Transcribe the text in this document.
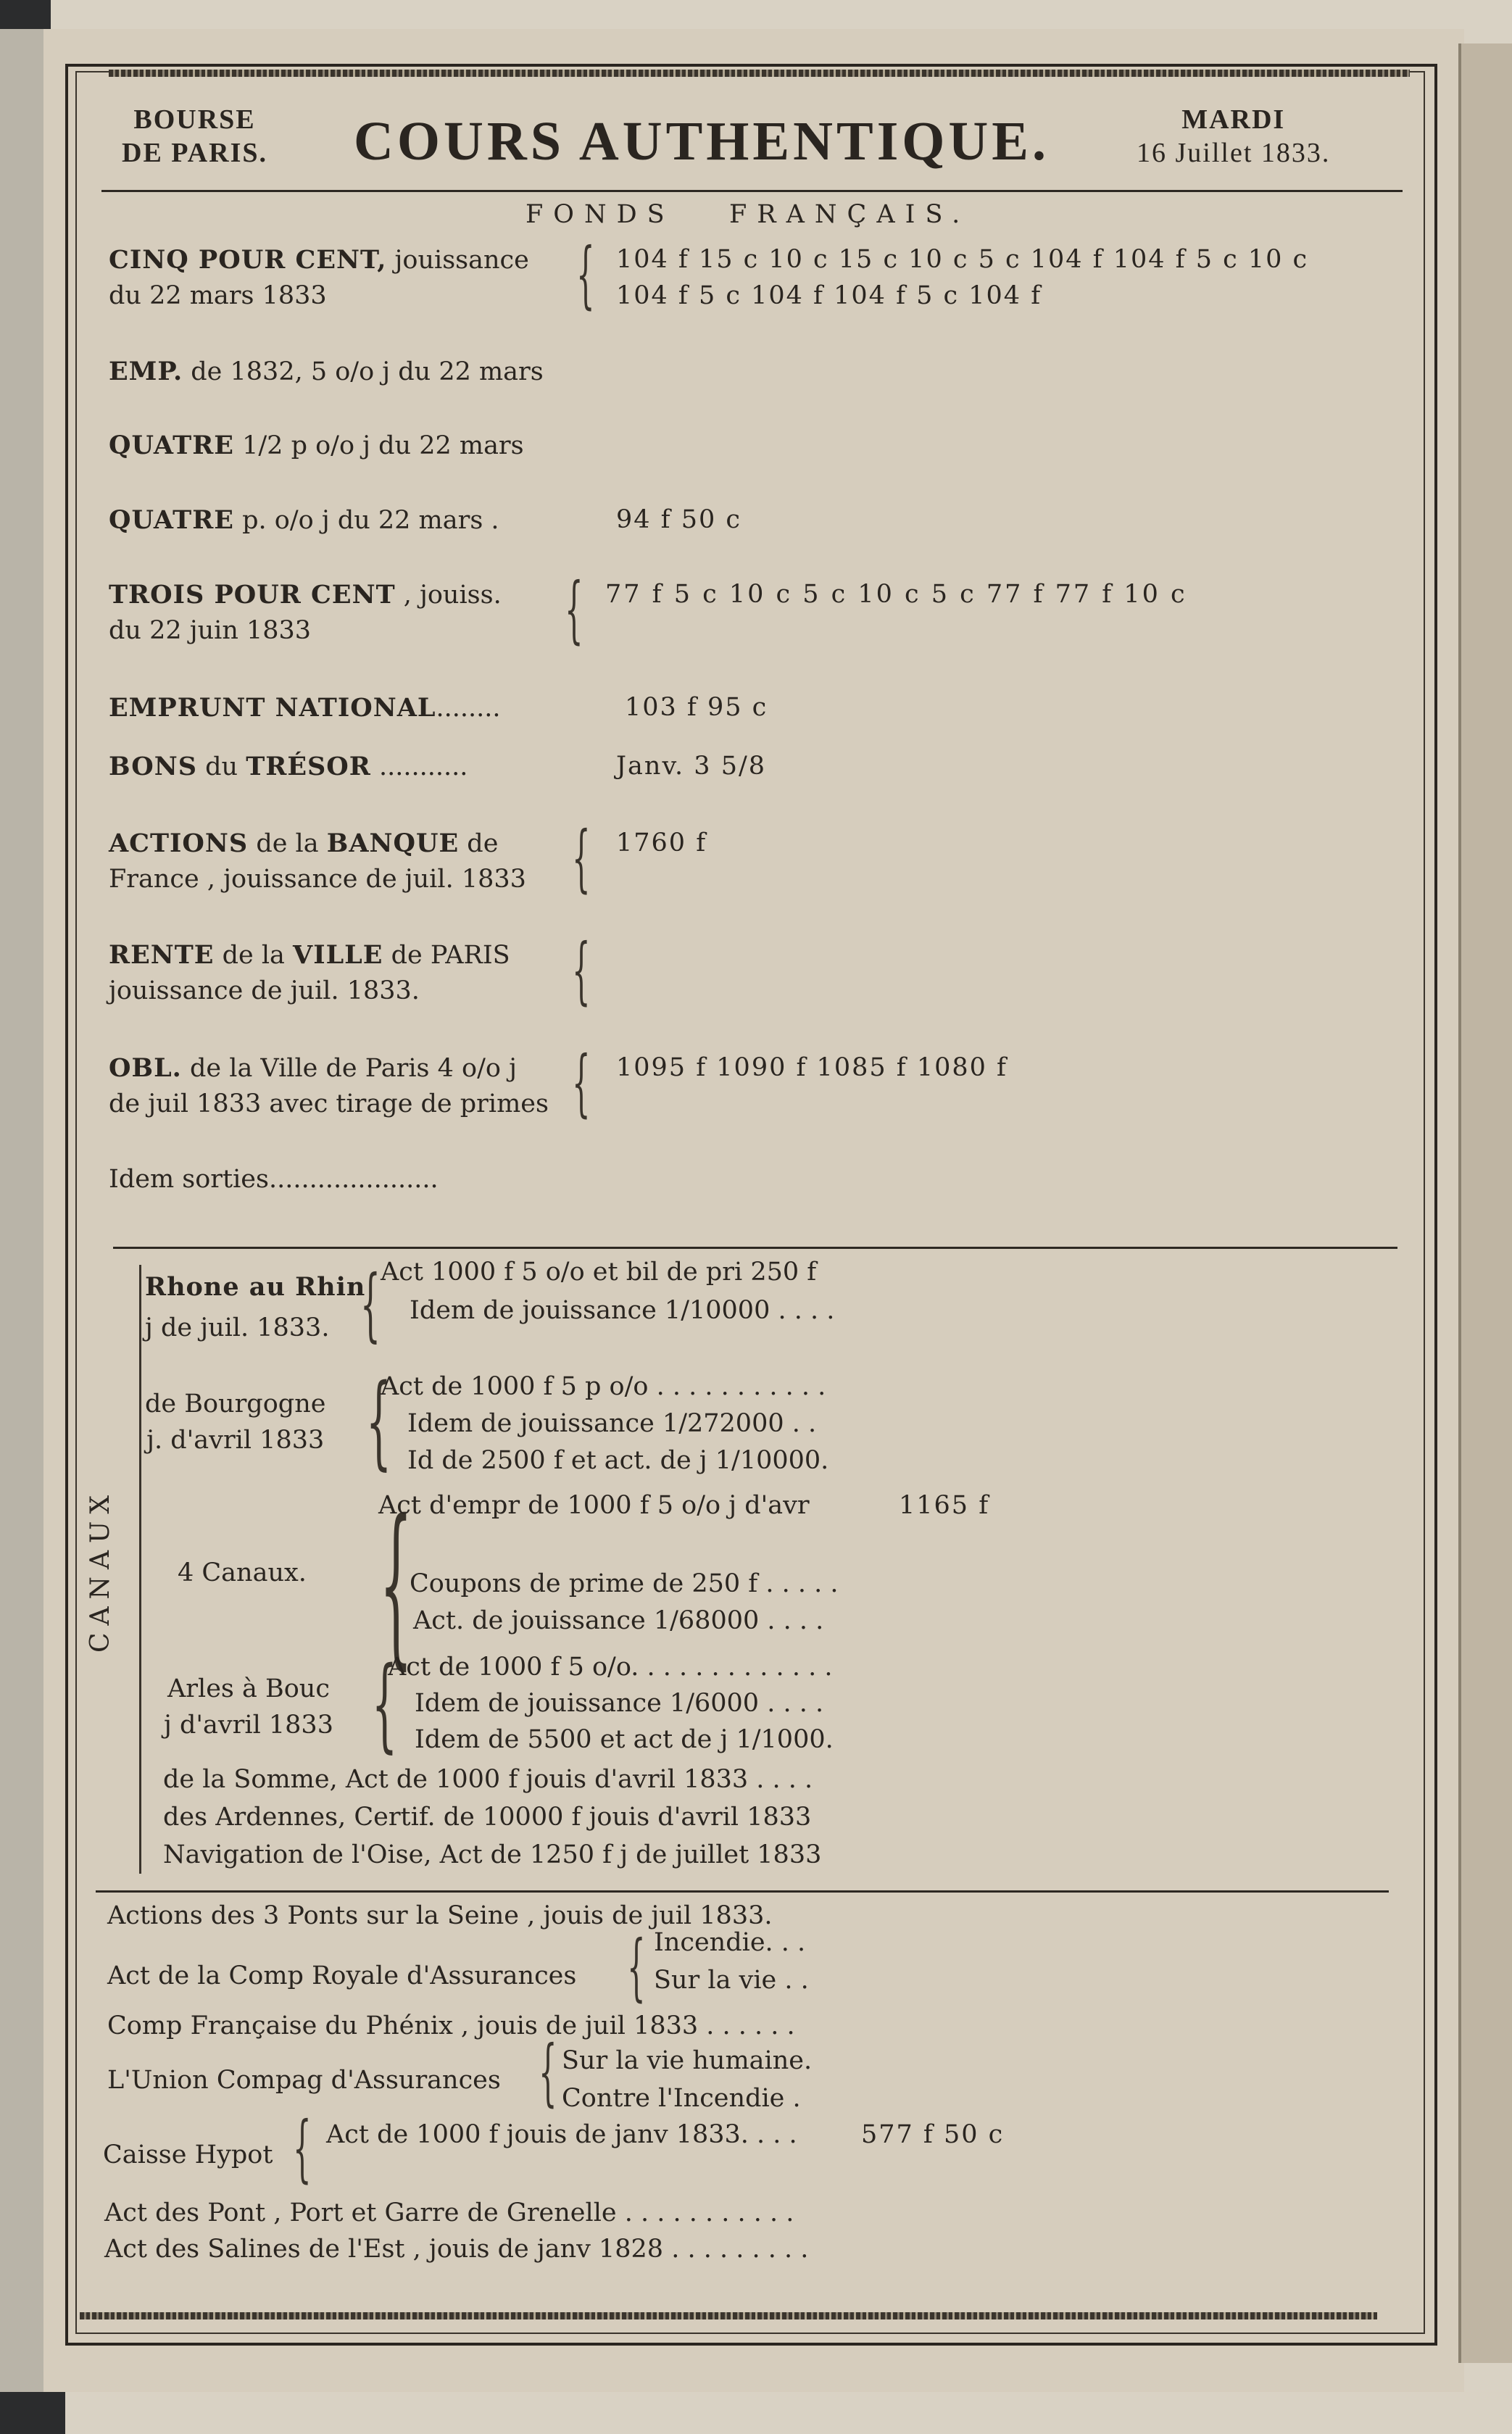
BOURSE
DE PARIS. COURS AUTHENTIQUE.	MARDI
16 Juillet 1833.
FONDS   FRANÇAIS.
CINQ POUR CENT, jouissance
du 22 mars 1833	{ 104 f 15 c 10 c 15 c 10 c 5 c 104 f 104 f 5 c 10 c
104 f 5 c 104 f 104 f 5 c 104 f
EMP. de 1832, 5 o/o j du 22 mars
QUATRE 1/2 p o/o j du 22 mars
QUATRE p. o/o j du 22 mars .	94 f 50 c
TROIS POUR CENT , jouiss.
du 22 juin 1833	{ 77 f 5 c 10 c 5 c 10 c 5 c 77 f 77 f 10 c
EMPRUNT NATIONAL........	103 f 95 c
BONS du TRÉSOR ...........	Janv. 3 5/8
ACTIONS de la BANQUE de
France , jouissance de juil. 1833 { 1760 f
RENTE de la VILLE de PARIS
jouissance de juil. 1833. {
OBL. de la Ville de Paris 4 o/o j
de juil 1833 avec tirage de primes { 1095 f 1090 f 1085 f 1080 f
Idem sorties.....................
CANAUX
Rhone au Rhin
j de juil. 1833. { Act 1000 f 5 o/o et bil de pri 250 f
Idem de jouissance 1/10000 . . . .
de Bourgogne
j. d'avril 1833 {
Act de 1000 f 5 p o/o . . . . . . . . . . .
Idem de jouissance 1/272000 . .
Id de 2500 f et act. de j 1/10000.
4 Canaux. {
Act d'empr de 1000 f 5 o/o j d'avr	1165 f
Coupons de prime de 250 f . . . . .
Act. de jouissance 1/68000 . . . .
Arles à Bouc
j d'avril 1833 {
Act de 1000 f 5 o/o. . . . . . . . . . . . .
Idem de jouissance 1/6000 . . . .
Idem de 5500 et act de j 1/1000.
de la Somme, Act de 1000 f jouis d'avril 1833 . . . .
des Ardennes, Certif. de 10000 f jouis d'avril 1833
Navigation de l'Oise, Act de 1250 f j de juillet 1833
Actions des 3 Ponts sur la Seine , jouis de juil 1833.
Act de la Comp Royale d'Assurances { Incendie. . .
Sur la vie . .
Comp Française du Phénix , jouis de juil 1833 . . . . . .
L'Union Compag d'Assurances { Sur la vie humaine.
Contre l'Incendie .
Caisse Hypot { Act de 1000 f jouis de janv 1833. . . .	577 f 50 c
Act des Pont , Port et Garre de Grenelle . . . . . . . . . . .
Act des Salines de l'Est , jouis de janv 1828 . . . . . . . . .
